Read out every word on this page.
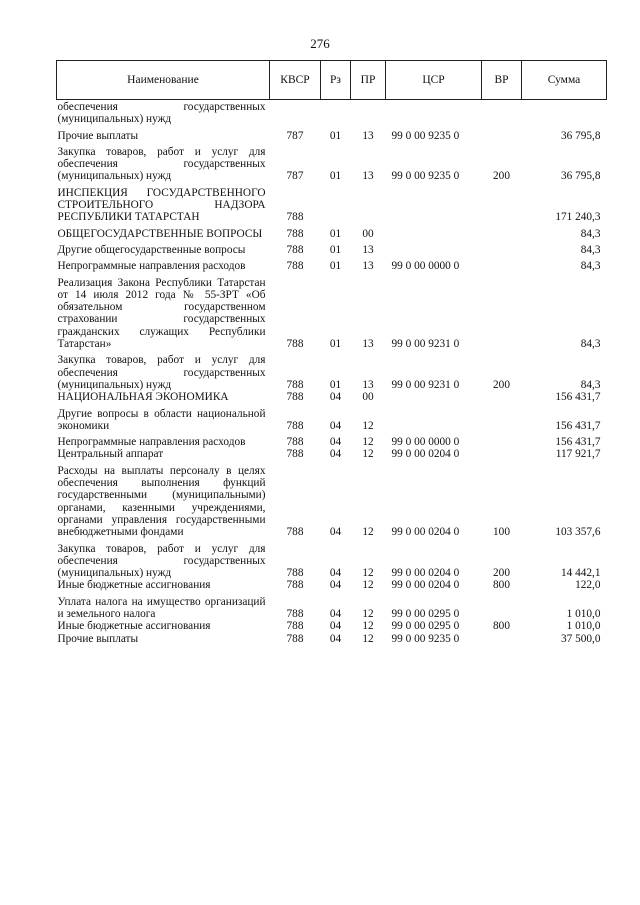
276
Наименование	КВСР	Рз	ПР	ЦСР	ВР	Сумма
обеспечения государственных (муниципальных) нужд						
Прочие выплаты	787	01	13	99 0 00 9235 0		36 795,8
Закупка товаров, работ и услуг для обеспечения государственных (муниципальных) нужд	787	01	13	99 0 00 9235 0	200	36 795,8
ИНСПЕКЦИЯ ГОСУДАРСТВЕННОГО СТРОИТЕЛЬНОГО НАДЗОРА РЕСПУБЛИКИ ТАТАРСТАН	788					171 240,3
ОБЩЕГОСУДАРСТВЕННЫЕ ВОПРОСЫ	788	01	00			84,3
Другие общегосударственные вопросы	788	01	13			84,3
Непрограммные направления расходов	788	01	13	99 0 00 0000 0		84,3
Реализация Закона Республики Татарстан от 14 июля 2012 года № 55-ЗРТ «Об обязательном государственном страховании государственных гражданских служащих Республики Татарстан»	788	01	13	99 0 00 9231 0		84,3
Закупка товаров, работ и услуг для обеспечения государственных (муниципальных) нужд	788	01	13	99 0 00 9231 0	200	84,3
НАЦИОНАЛЬНАЯ ЭКОНОМИКА	788	04	00			156 431,7
Другие вопросы в области национальной экономики	788	04	12			156 431,7
Непрограммные направления расходов	788	04	12	99 0 00 0000 0		156 431,7
Центральный аппарат	788	04	12	99 0 00 0204 0		117 921,7
Расходы на выплаты персоналу в целях обеспечения выполнения функций государственными (муниципальными) органами, казенными учреждениями, органами управления государственными внебюджетными фондами	788	04	12	99 0 00 0204 0	100	103 357,6
Закупка товаров, работ и услуг для обеспечения государственных (муниципальных) нужд	788	04	12	99 0 00 0204 0	200	14 442,1
Иные бюджетные ассигнования	788	04	12	99 0 00 0204 0	800	122,0
Уплата налога на имущество организаций и земельного налога	788	04	12	99 0 00 0295 0		1 010,0
Иные бюджетные ассигнования	788	04	12	99 0 00 0295 0	800	1 010,0
Прочие выплаты	788	04	12	99 0 00 9235 0		37 500,0
